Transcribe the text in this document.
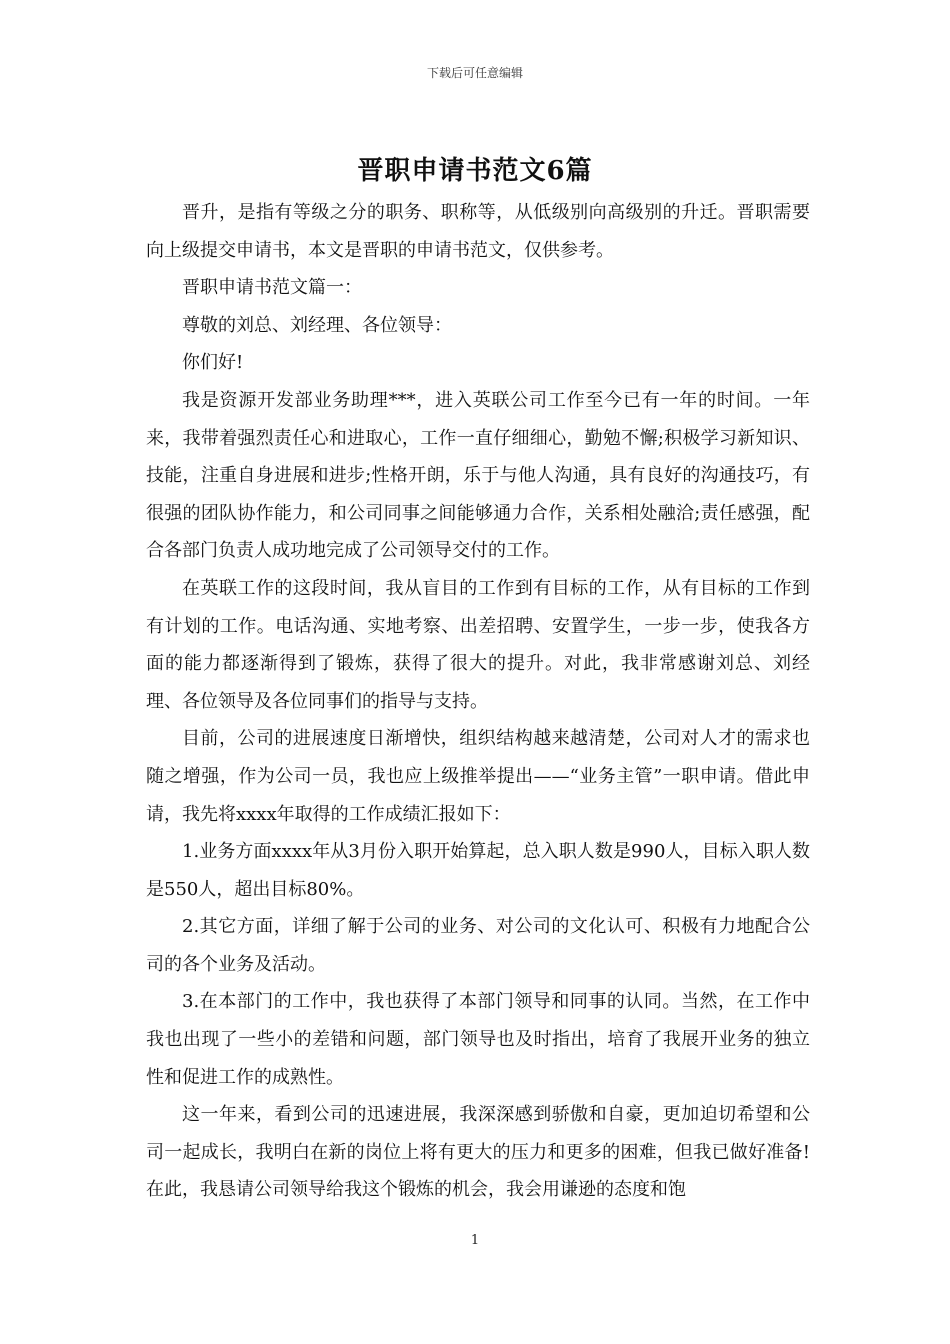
下载后可任意编辑
晋职申请书范文6篇

晋升，是指有等级之分的职务、职称等，从低级别向高级别的升迁。晋职需要向上级提交申请书，本文是晋职的申请书范文，仅供参考。

晋职申请书范文篇一：

尊敬的刘总、刘经理、各位领导：

你们好!

我是资源开发部业务助理***，进入英联公司工作至今已有一年的时间。一年来，我带着强烈责任心和进取心，工作一直仔细细心，勤勉不懈;积极学习新知识、技能，注重自身进展和进步;性格开朗，乐于与他人沟通，具有良好的沟通技巧，有很强的团队协作能力，和公司同事之间能够通力合作，关系相处融洽;责任感强，配合各部门负责人成功地完成了公司领导交付的工作。

在英联工作的这段时间，我从盲目的工作到有目标的工作，从有目标的工作到有计划的工作。电话沟通、实地考察、出差招聘、安置学生，一步一步，使我各方面的能力都逐渐得到了锻炼，获得了很大的提升。对此，我非常感谢刘总、刘经理、各位领导及各位同事们的指导与支持。

目前，公司的进展速度日渐增快，组织结构越来越清楚，公司对人才的需求也随之增强，作为公司一员，我也应上级推举提出——“业务主管”一职申请。借此申请，我先将xxxx年取得的工作成绩汇报如下：

1.业务方面xxxx年从3月份入职开始算起，总入职人数是990人，目标入职人数是550人，超出目标80%。

2.其它方面，详细了解于公司的业务、对公司的文化认可、积极有力地配合公司的各个业务及活动。

3.在本部门的工作中，我也获得了本部门领导和同事的认同。当然，在工作中我也出现了一些小的差错和问题，部门领导也及时指出，培育了我展开业务的独立性和促进工作的成熟性。

这一年来，看到公司的迅速进展，我深深感到骄傲和自豪，更加迫切希望和公司一起成长，我明白在新的岗位上将有更大的压力和更多的困难，但我已做好准备!在此，我恳请公司领导给我这个锻炼的机会，我会用谦逊的态度和饱

1
